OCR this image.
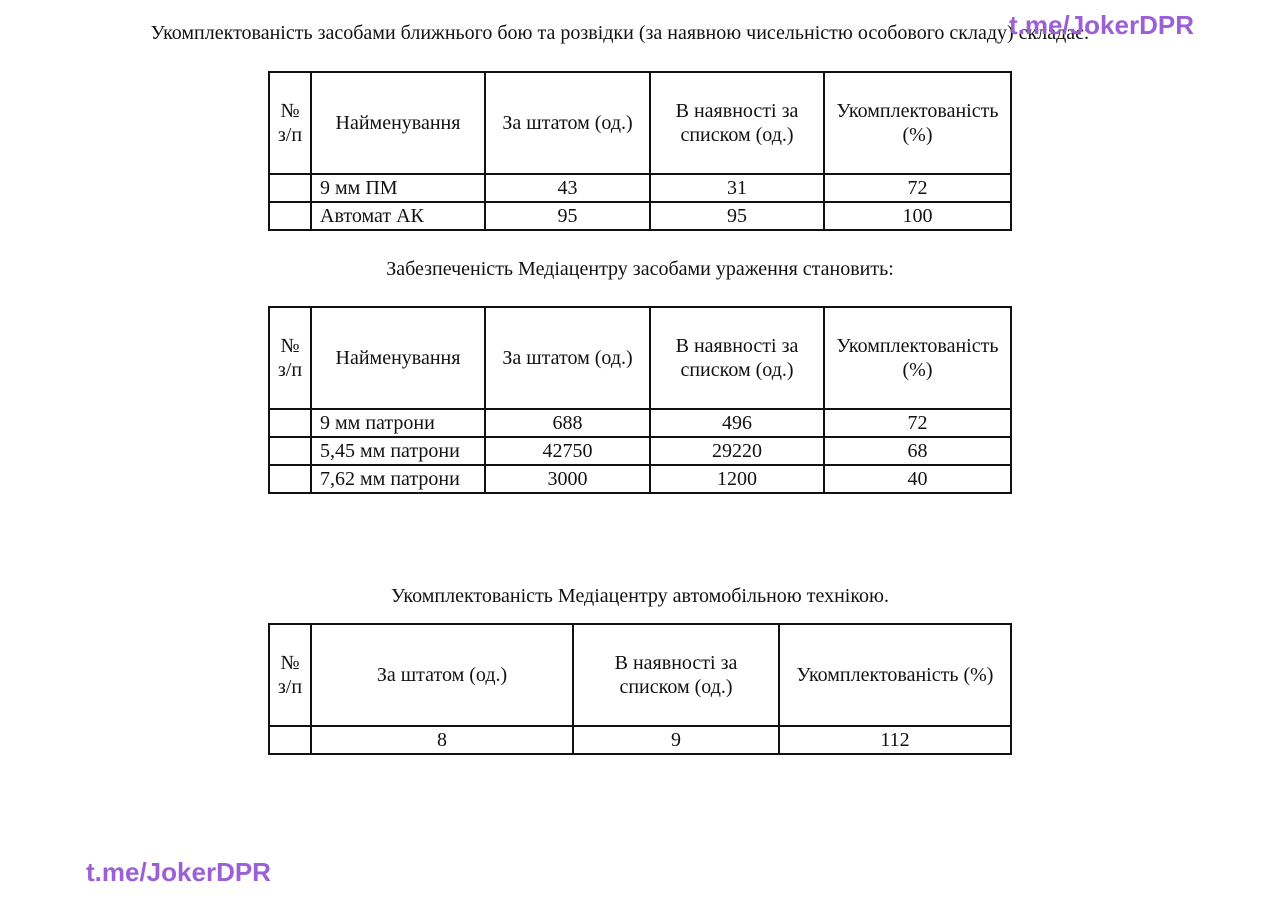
Укомплектованість засобами ближнього бою та розвідки (за наявною чисельністю особового складу) складає:
t.me/JokerDPR
№ з/п	Найменування	За штатом (од.)	В наявності за списком (од.)	Укомплектованість (%)
	9 мм ПМ	43	31	72
	Автомат АК	95	95	100
Забезпеченість Медіацентру засобами ураження становить:
№ з/п	Найменування	За штатом (од.)	В наявності за списком (од.)	Укомплектованість (%)
	9 мм патрони	688	496	72
	5,45 мм патрони	42750	29220	68
	7,62 мм патрони	3000	1200	40
Укомплектованість Медіацентру автомобільною технікою.
№ з/п	За штатом (од.)	В наявності за списком (од.)	Укомплектованість (%)
	8	9	112
t.me/JokerDPR
